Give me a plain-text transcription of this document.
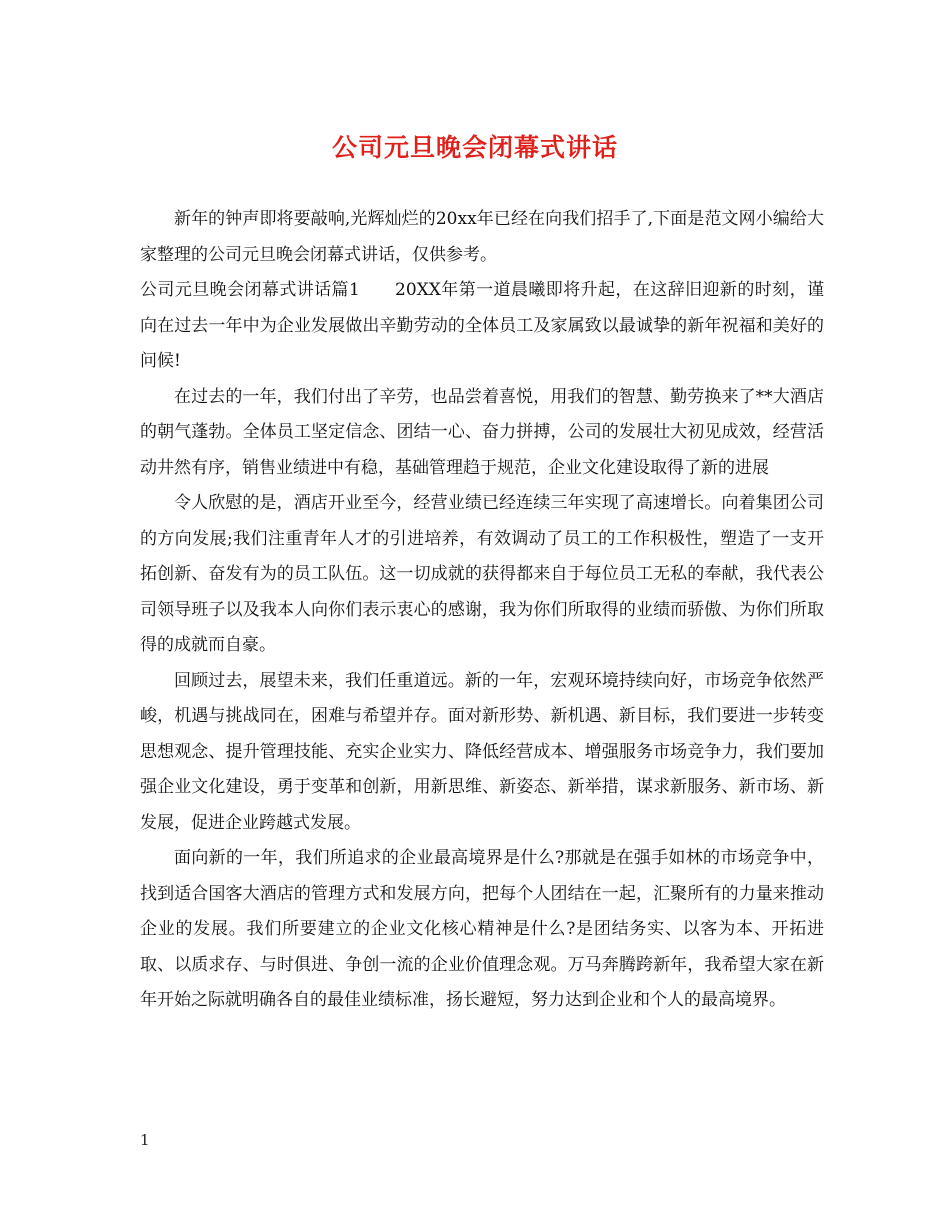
公司元旦晚会闭幕式讲话

新年的钟声即将要敲响,光辉灿烂的20xx年已经在向我们招手了,下面是范文网小编给大家整理的公司元旦晚会闭幕式讲话，仅供参考。

公司元旦晚会闭幕式讲话篇1　　20XX年第一道晨曦即将升起，在这辞旧迎新的时刻，谨向在过去一年中为企业发展做出辛勤劳动的全体员工及家属致以最诚挚的新年祝福和美好的问候!

在过去的一年，我们付出了辛劳，也品尝着喜悦，用我们的智慧、勤劳换来了**大酒店的朝气蓬勃。全体员工坚定信念、团结一心、奋力拼搏，公司的发展壮大初见成效，经营活动井然有序，销售业绩进中有稳，基础管理趋于规范，企业文化建设取得了新的进展

令人欣慰的是，酒店开业至今，经营业绩已经连续三年实现了高速增长。向着集团公司的方向发展;我们注重青年人才的引进培养，有效调动了员工的工作积极性，塑造了一支开拓创新、奋发有为的员工队伍。这一切成就的获得都来自于每位员工无私的奉献，我代表公司领导班子以及我本人向你们表示衷心的感谢，我为你们所取得的业绩而骄傲、为你们所取得的成就而自豪。

回顾过去，展望未来，我们任重道远。新的一年，宏观环境持续向好，市场竞争依然严峻，机遇与挑战同在，困难与希望并存。面对新形势、新机遇、新目标，我们要进一步转变思想观念、提升管理技能、充实企业实力、降低经营成本、增强服务市场竞争力，我们要加强企业文化建设，勇于变革和创新，用新思维、新姿态、新举措，谋求新服务、新市场、新发展，促进企业跨越式发展。

面向新的一年，我们所追求的企业最高境界是什么?那就是在强手如林的市场竞争中，找到适合国客大酒店的管理方式和发展方向，把每个人团结在一起，汇聚所有的力量来推动企业的发展。我们所要建立的企业文化核心精神是什么?是团结务实、以客为本、开拓进取、以质求存、与时俱进、争创一流的企业价值理念观。万马奔腾跨新年，我希望大家在新年开始之际就明确各自的最佳业绩标准，扬长避短，努力达到企业和个人的最高境界。

1
